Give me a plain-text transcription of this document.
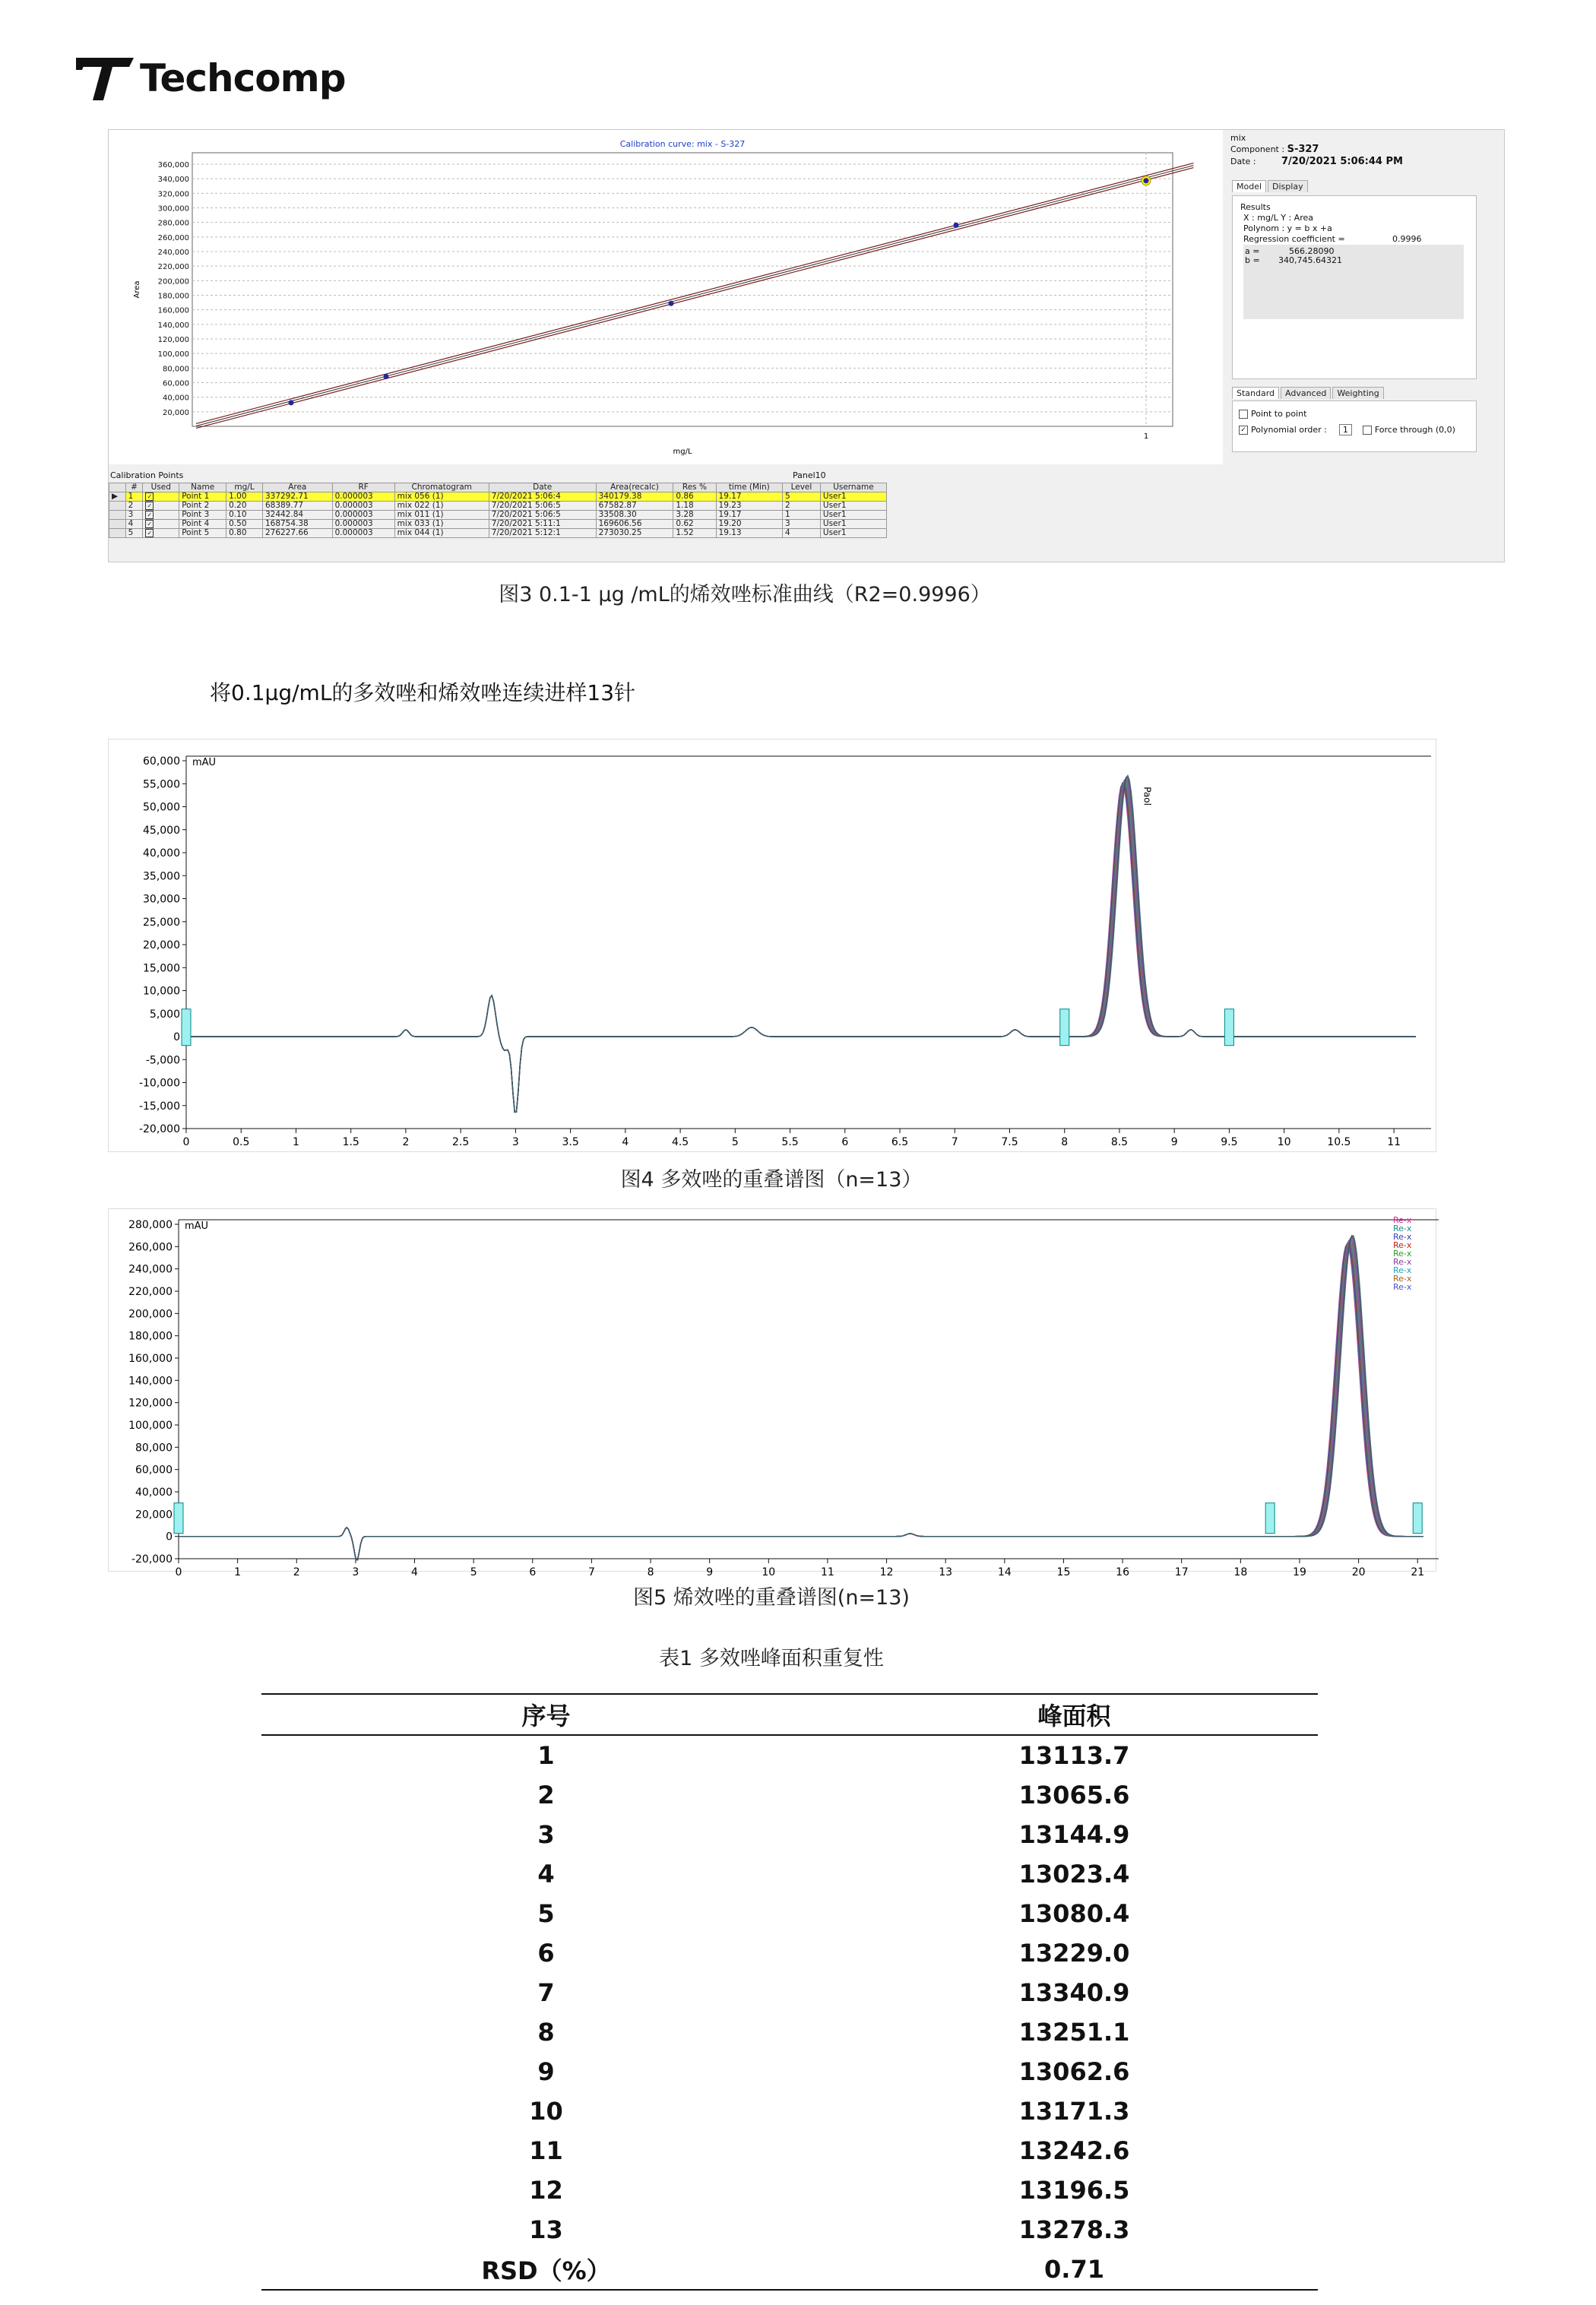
Techcomp
Calibration curve: mix - S-327
360,000
340,000
320,000
300,000
280,000
260,000
240,000
220,000
200,000
180,000
160,000
140,000
120,000
100,000
80,000
60,000
40,000
20,000
1
mg/L
Area
mix
Component : S-327
Date :	7/20/2021 5:06:44 PM
Model Display
Results
X : mg/L Y : Area
Polynom : y = b x +a
Regression coefficient =	0.9996
a =	566.28090
b = 340,745.64321
Standard Advanced Weighting
Point to point
✓ Polynomial order :	1	Force through (0,0)
Calibration Points	Panel10
	#	Used	Name	mg/L	Area	RF	Chromatogram	Date	Area(recalc)	Res %	time (Min)	Level	Username
▶	1	✓	Point 1	1.00	337292.71	0.000003	mix 056 (1)	7/20/2021 5:06:4	340179.38	0.86	19.17	5	User1
	2	✓	Point 2	0.20	68389.77	0.000003	mix 022 (1)	7/20/2021 5:06:5	67582.87	1.18	19.23	2	User1
	3	✓	Point 3	0.10	32442.84	0.000003	mix 011 (1)	7/20/2021 5:06:5	33508.30	3.28	19.17	1	User1
	4	✓	Point 4	0.50	168754.38	0.000003	mix 033 (1)	7/20/2021 5:11:1	169606.56	0.62	19.20	3	User1
	5	✓	Point 5	0.80	276227.66	0.000003	mix 044 (1)	7/20/2021 5:12:1	273030.25	1.52	19.13	4	User1
图3 0.1-1 µg /mL的烯效唑标准曲线（R2=0.9996）
将0.1µg/mL的多效唑和烯效唑连续进样13针
mAU
60,000
55,000
50,000
45,000
40,000
35,000
30,000
25,000
20,000
15,000
10,000
5,000
0
-5,000
-10,000
-15,000
-20,000
0	0.5	1	1.5	2	2.5	3	3.5	4	4.5	5	5.5	6	6.5	7	7.5	8	8.5	9	9.5	10	10.5	11
Paol
图4 多效唑的重叠谱图（n=13）
mAU
280,000
260,000
240,000
220,000
200,000
180,000
160,000
140,000
120,000
100,000
80,000
60,000
40,000
20,000
0
-20,000
0	1	2	3	4	5	6	7	8	9	10	11	12	13	14	15	16	17	18	19	20	21
Re-x
Re-x
Re-x
Re-x
Re-x
Re-x
Re-x
Re-x
Re-x
图5 烯效唑的重叠谱图(n=13)
表1 多效唑峰面积重复性
序号	峰面积
1	13113.7
2	13065.6
3	13144.9
4	13023.4
5	13080.4
6	13229.0
7	13340.9
8	13251.1
9	13062.6
10	13171.3
11	13242.6
12	13196.5
13	13278.3
RSD（%）	0.71
